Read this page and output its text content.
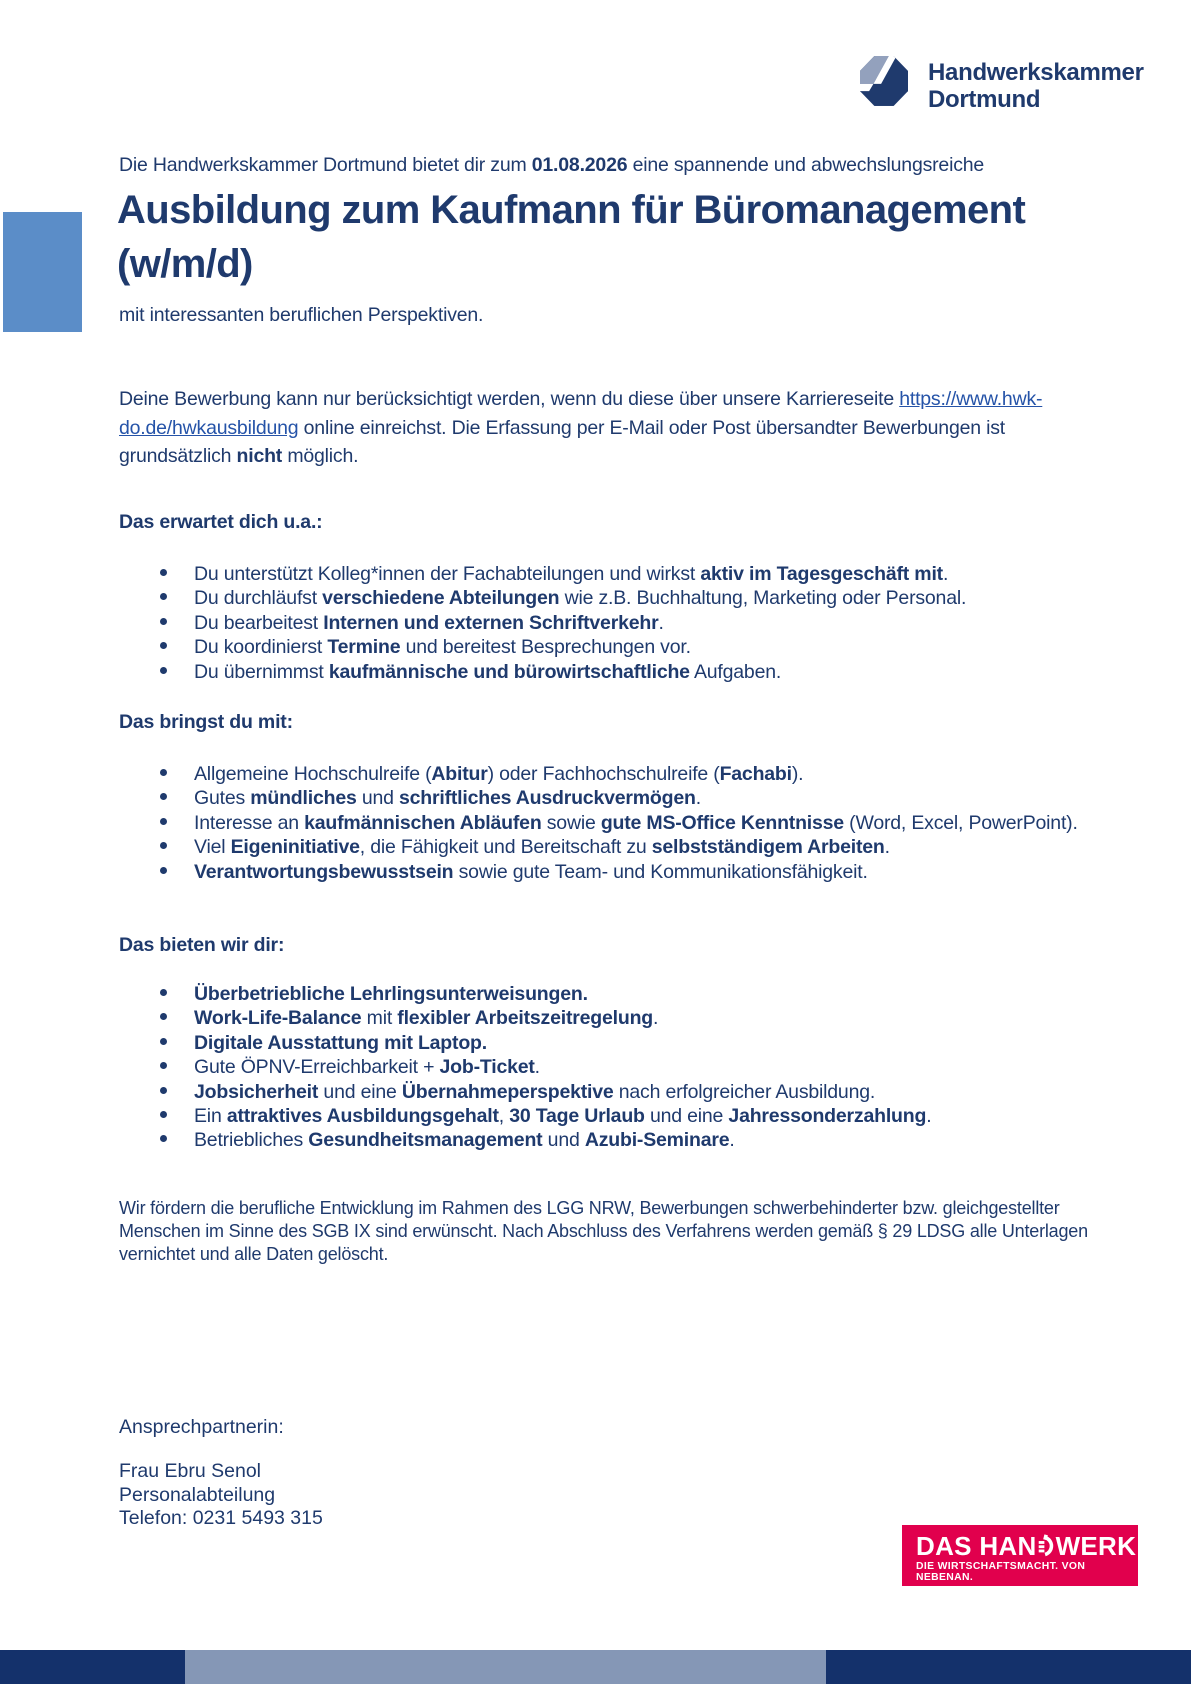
Handwerkskammer
Dortmund
Die Handwerkskammer Dortmund bietet dir zum 01.08.2026 eine spannende und abwechslungsreiche
Ausbildung zum Kaufmann für Büromanagement (w/m/d)
mit interessanten beruflichen Perspektiven.
Deine Bewerbung kann nur berücksichtigt werden, wenn du diese über unsere Karriereseite https://www.hwk-do.de/hwkausbildung online einreichst. Die Erfassung per E-Mail oder Post übersandter Bewerbungen ist grundsätzlich nicht möglich.
Das erwartet dich u.a.:
Du unterstützt Kolleg*innen der Fachabteilungen und wirkst aktiv im Tagesgeschäft mit.
Du durchläufst verschiedene Abteilungen wie z.B. Buchhaltung, Marketing oder Personal.
Du bearbeitest Internen und externen Schriftverkehr.
Du koordinierst Termine und bereitest Besprechungen vor.
Du übernimmst kaufmännische und bürowirtschaftliche Aufgaben.
Das bringst du mit:
Allgemeine Hochschulreife (Abitur) oder Fachhochschulreife (Fachabi).
Gutes mündliches und schriftliches Ausdruckvermögen.
Interesse an kaufmännischen Abläufen sowie gute MS-Office Kenntnisse (Word, Excel, PowerPoint).
Viel Eigeninitiative, die Fähigkeit und Bereitschaft zu selbstständigem Arbeiten.
Verantwortungsbewusstsein sowie gute Team- und Kommunikationsfähigkeit.
Das bieten wir dir:
Überbetriebliche Lehrlingsunterweisungen.
Work-Life-Balance mit flexibler Arbeitszeitregelung.
Digitale Ausstattung mit Laptop.
Gute ÖPNV-Erreichbarkeit + Job-Ticket.
Jobsicherheit und eine Übernahmeperspektive nach erfolgreicher Ausbildung.
Ein attraktives Ausbildungsgehalt, 30 Tage Urlaub und eine Jahressonderzahlung.
Betriebliches Gesundheitsmanagement und Azubi-Seminare.
Wir fördern die berufliche Entwicklung im Rahmen des LGG NRW, Bewerbungen schwerbehinderter bzw. gleichgestellter Menschen im Sinne des SGB IX sind erwünscht. Nach Abschluss des Verfahrens werden gemäß § 29 LDSG alle Unterlagen vernichtet und alle Daten gelöscht.
Ansprechpartnerin:
Frau Ebru Senol
Personalabteilung
Telefon: 0231 5493 315
DAS HAN WERK
DIE WIRTSCHAFTSMACHT. VON NEBENAN.
